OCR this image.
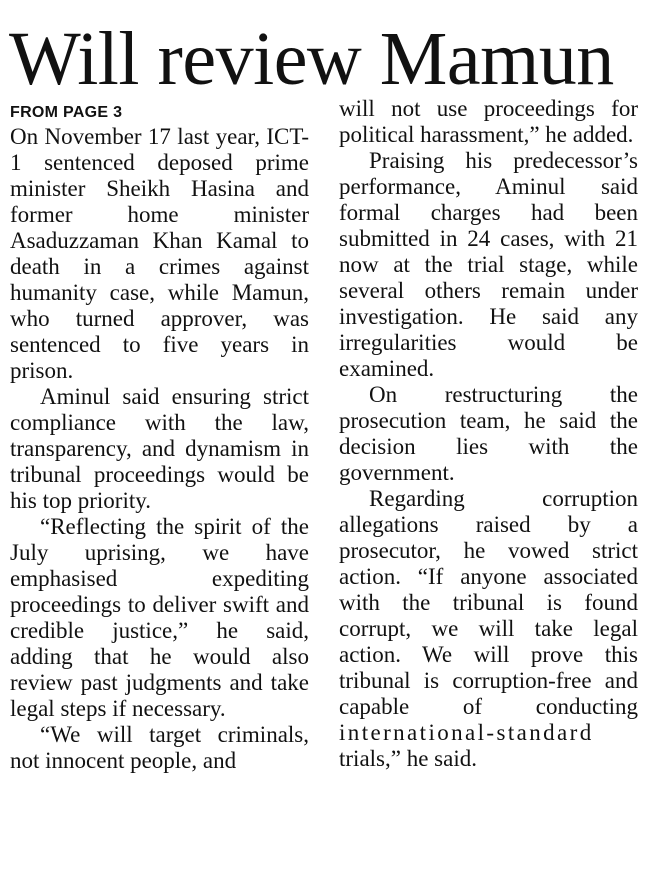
Will review Mamun
FROM PAGE 3

On November 17 last year, ICT-1 sentenced deposed prime minister Sheikh Hasina and former home minister Asaduzzaman Khan Kamal to death in a crimes against humanity case, while Mamun, who turned approver, was sentenced to five years in prison.

Aminul said ensuring strict compliance with the law, transparency, and dynamism in tribunal proceedings would be his top priority.

“Reflecting the spirit of the July uprising, we have emphasised expediting proceedings to deliver swift and credible justice,” he said, adding that he would also review past judgments and take legal steps if necessary.

“We will target criminals, not innocent people, and

will not use proceedings for political harassment,” he added.

Praising his predecessor’s performance, Aminul said formal charges had been submitted in 24 cases, with 21 now at the trial stage, while several others remain under investigation. He said any irregularities would be examined.

On restructuring the prosecution team, he said the decision lies with the government.

Regarding corruption allegations raised by a prosecutor, he vowed strict action. “If anyone associated with the tribunal is found corrupt, we will take legal action. We will prove this tribunal is corruption-free and capable of conducting international-standard trials,” he said.
